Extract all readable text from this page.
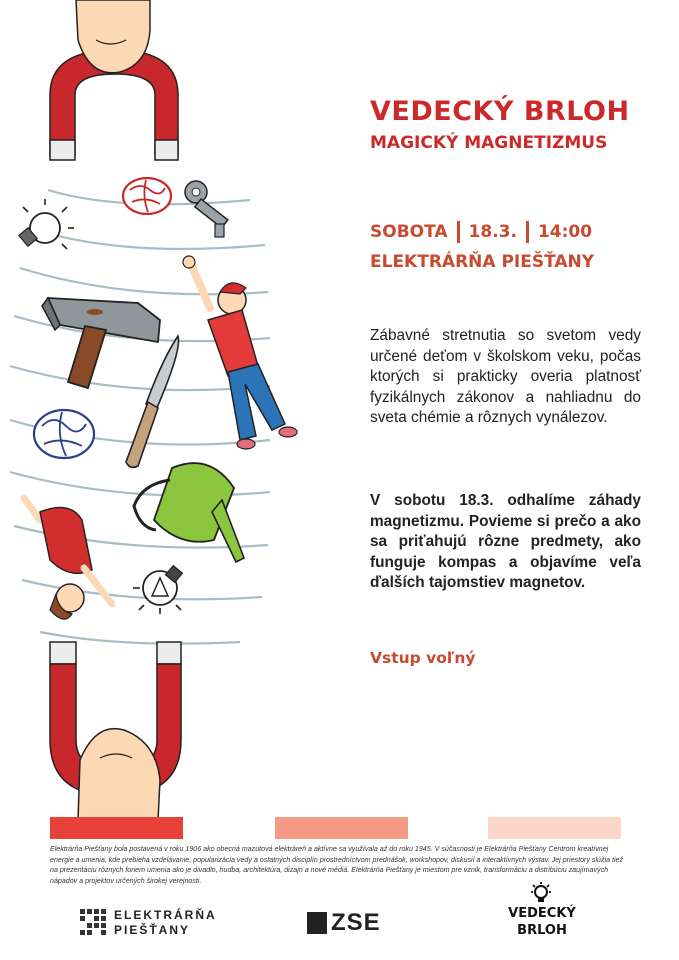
VEDECKÝ BRLOH
MAGICKÝ MAGNETIZMUS
SOBOTA 18.3. 14:00
ELEKTRÁRŇA PIEŠŤANY
Zábavné stretnutia so svetom vedy určené deťom v školskom veku, počas ktorých si prakticky overia platnosť fyzikálnych zákonov a nahliadnu do sveta chémie a rôznych vynálezov.
V sobotu 18.3. odhalíme záhady magnetizmu. Povieme si prečo a ako sa priťahujú rôzne predmety, ako funguje kompas a objavíme veľa ďalších tajomstiev magnetov.
Vstup voľný
Elektrárňa Piešťany bola postavená v roku 1906 ako obecná mazutová elektráreň a aktívne sa využívala až do roku 1945. V súčasnosti je Elektrárňa Piešťany Centrom kreatívnej energie a umenia, kde prebieha vzdelávanie, popularizácia vedy a ostatných disciplín prostredníctvom prednášok, workshopov, diskusií a interaktívnych výstav. Jej priestory slúžia tiež na prezentáciu rôznych foriem umenia ako je divadlo, hudba, architektúra, dizajn a nové médiá. Elektrárňa Piešťany je miestom pre vznik, transformáciu a distribúciu zaujímavých nápadov a projektov určených širokej verejnosti.
ELEKTRÁRŇA
PIEŠŤANY	ZSE	VEDECKÝ
BRLOH
